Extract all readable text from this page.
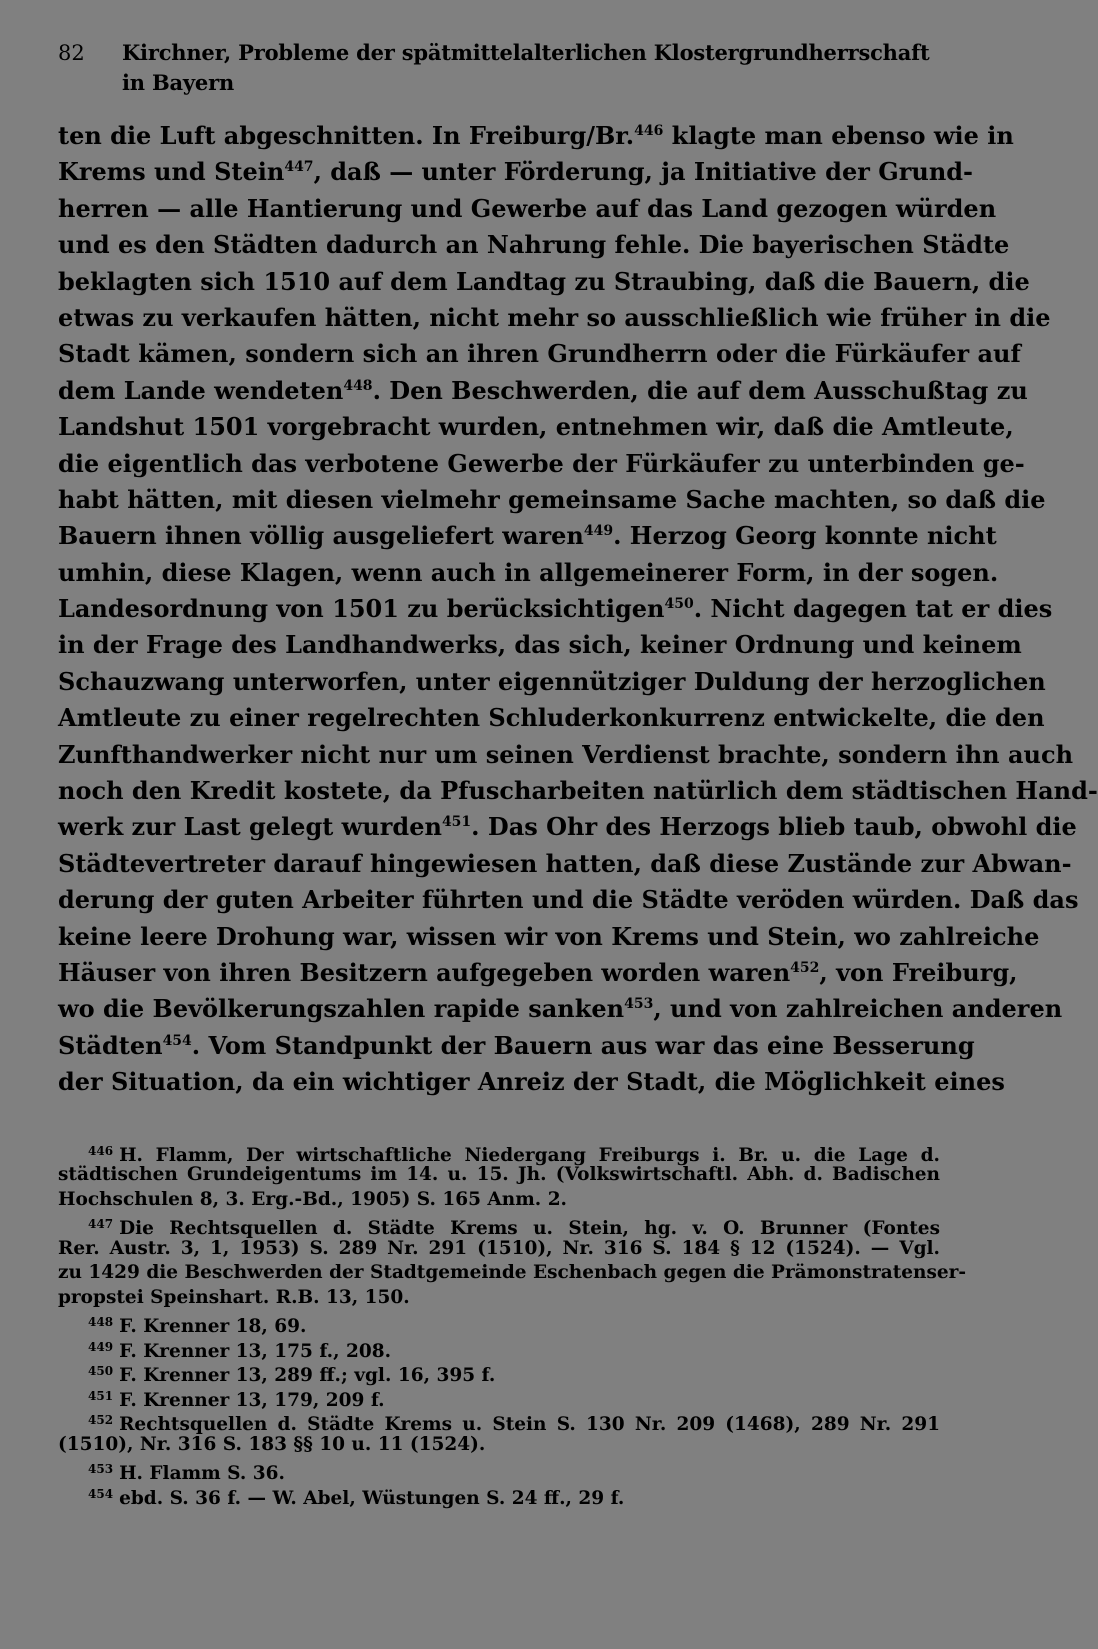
82	Kirchner, Probleme der spätmittelalterlichen Klostergrundherrschaft in Bayern
ten die Luft abgeschnitten. In Freiburg/Br.$^{446}$ klagte man ebenso wie in
Krems und Stein$^{447}$, daß — unter Förderung, ja Initiative der Grund-
herren — alle Hantierung und Gewerbe auf das Land gezogen würden
und es den Städten dadurch an Nahrung fehle. Die bayerischen Städte
beklagten sich 1510 auf dem Landtag zu Straubing, daß die Bauern, die
etwas zu verkaufen hätten, nicht mehr so ausschließlich wie früher in die
Stadt kämen, sondern sich an ihren Grundherrn oder die Fürkäufer auf
dem Lande wendeten$^{448}$. Den Beschwerden, die auf dem Ausschußtag zu
Landshut 1501 vorgebracht wurden, entnehmen wir, daß die Amtleute,
die eigentlich das verbotene Gewerbe der Fürkäufer zu unterbinden ge-
habt hätten, mit diesen vielmehr gemeinsame Sache machten, so daß die
Bauern ihnen völlig ausgeliefert waren$^{449}$. Herzog Georg konnte nicht
umhin, diese Klagen, wenn auch in allgemeinerer Form, in der sogen.
Landesordnung von 1501 zu berücksichtigen$^{450}$. Nicht dagegen tat er dies
in der Frage des Landhandwerks, das sich, keiner Ordnung und keinem
Schauzwang unterworfen, unter eigennütziger Duldung der herzoglichen
Amtleute zu einer regelrechten Schluderkonkurrenz entwickelte, die den
Zunfthandwerker nicht nur um seinen Verdienst brachte, sondern ihn auch
noch den Kredit kostete, da Pfuscharbeiten natürlich dem städtischen Hand-
werk zur Last gelegt wurden$^{451}$. Das Ohr des Herzogs blieb taub, obwohl die
Städtevertreter darauf hingewiesen hatten, daß diese Zustände zur Abwan-
derung der guten Arbeiter führten und die Städte veröden würden. Daß das
keine leere Drohung war, wissen wir von Krems und Stein, wo zahlreiche
Häuser von ihren Besitzern aufgegeben worden waren$^{452}$, von Freiburg,
wo die Bevölkerungszahlen rapide sanken$^{453}$, und von zahlreichen anderen
Städten$^{454}$. Vom Standpunkt der Bauern aus war das eine Besserung
der Situation, da ein wichtiger Anreiz der Stadt, die Möglichkeit eines
$^{446}$ H. Flamm, Der wirtschaftliche Niedergang Freiburgs i. Br. u. die Lage d.
städtischen Grundeigentums im 14. u. 15. Jh. (Volkswirtschaftl. Abh. d. Badischen
Hochschulen 8, 3. Erg.-Bd., 1905) S. 165 Anm. 2.
$^{447}$ Die Rechtsquellen d. Städte Krems u. Stein, hg. v. O. Brunner (Fontes
Rer. Austr. 3, 1, 1953) S. 289 Nr. 291 (1510), Nr. 316 S. 184 § 12 (1524). — Vgl.
zu 1429 die Beschwerden der Stadtgemeinde Eschenbach gegen die Prämonstratenser-
propstei Speinshart. R.B. 13, 150.
$^{448}$ F. Krenner 18, 69.
$^{449}$ F. Krenner 13, 175 f., 208.
$^{450}$ F. Krenner 13, 289 ff.; vgl. 16, 395 f.
$^{451}$ F. Krenner 13, 179, 209 f.
$^{452}$ Rechtsquellen d. Städte Krems u. Stein S. 130 Nr. 209 (1468), 289 Nr. 291
(1510), Nr. 316 S. 183 §§ 10 u. 11 (1524).
$^{453}$ H. Flamm S. 36.
$^{454}$ ebd. S. 36 f. — W. Abel, Wüstungen S. 24 ff., 29 f.
